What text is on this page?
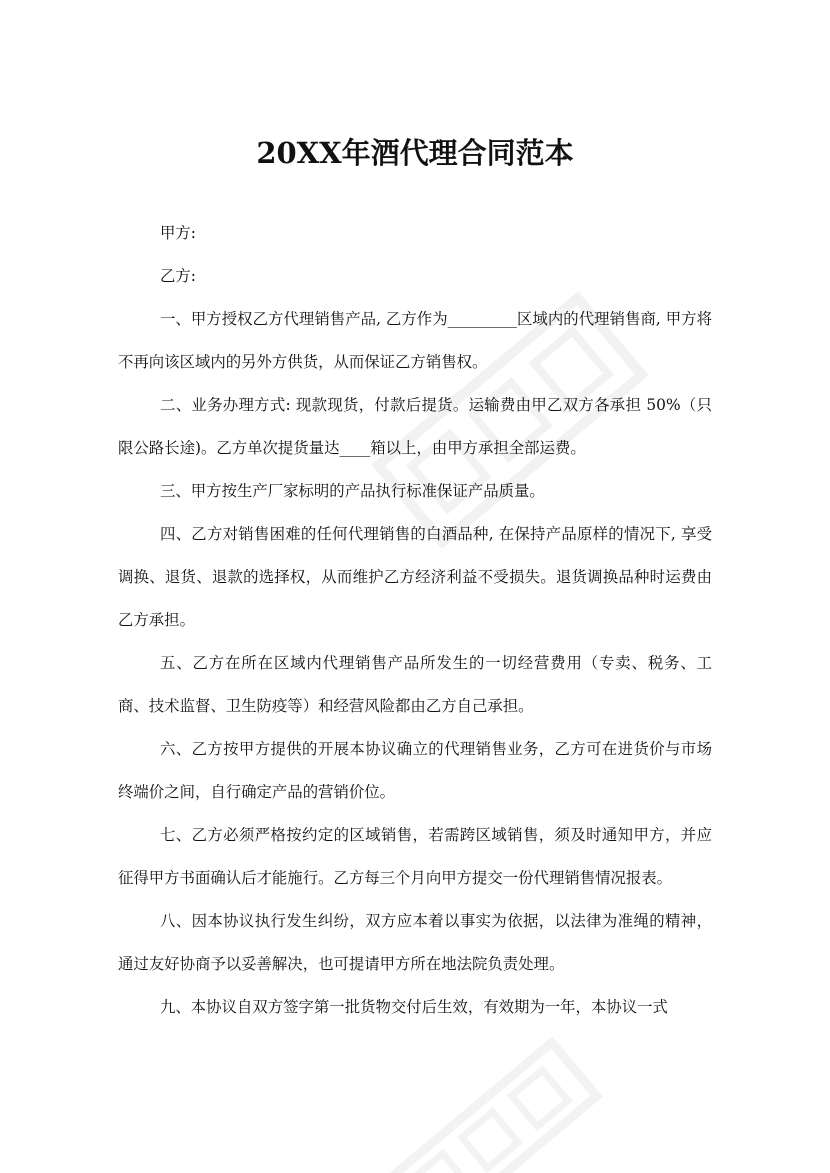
20XX年酒代理合同范本

甲方:

乙方:

一、甲方授权乙方代理销售产品, 乙方作为_________区域内的代理销售商, 甲方将不再向该区域内的另外方供货，从而保证乙方销售权。

二、业务办理方式: 现款现货，付款后提货。运输费由甲乙双方各承担 50%（只限公路长途)。乙方单次提货量达____箱以上，由甲方承担全部运费。

三、甲方按生产厂家标明的产品执行标准保证产品质量。

四、乙方对销售困难的任何代理销售的白酒品种, 在保持产品原样的情况下, 享受调换、退货、退款的选择权，从而维护乙方经济利益不受损失。退货调换品种时运费由乙方承担。

五、乙方在所在区域内代理销售产品所发生的一切经营费用（专卖、税务、工商、技术监督、卫生防疫等）和经营风险都由乙方自己承担。

六、乙方按甲方提供的开展本协议确立的代理销售业务，乙方可在进货价与市场终端价之间，自行确定产品的营销价位。

七、乙方必须严格按约定的区域销售，若需跨区域销售，须及时通知甲方，并应征得甲方书面确认后才能施行。乙方每三个月向甲方提交一份代理销售情况报表。

八、因本协议执行发生纠纷，双方应本着以事实为依据，以法律为准绳的精神，通过友好协商予以妥善解决，也可提请甲方所在地法院负责处理。

九、本协议自双方签字第一批货物交付后生效，有效期为一年，本协议一式
